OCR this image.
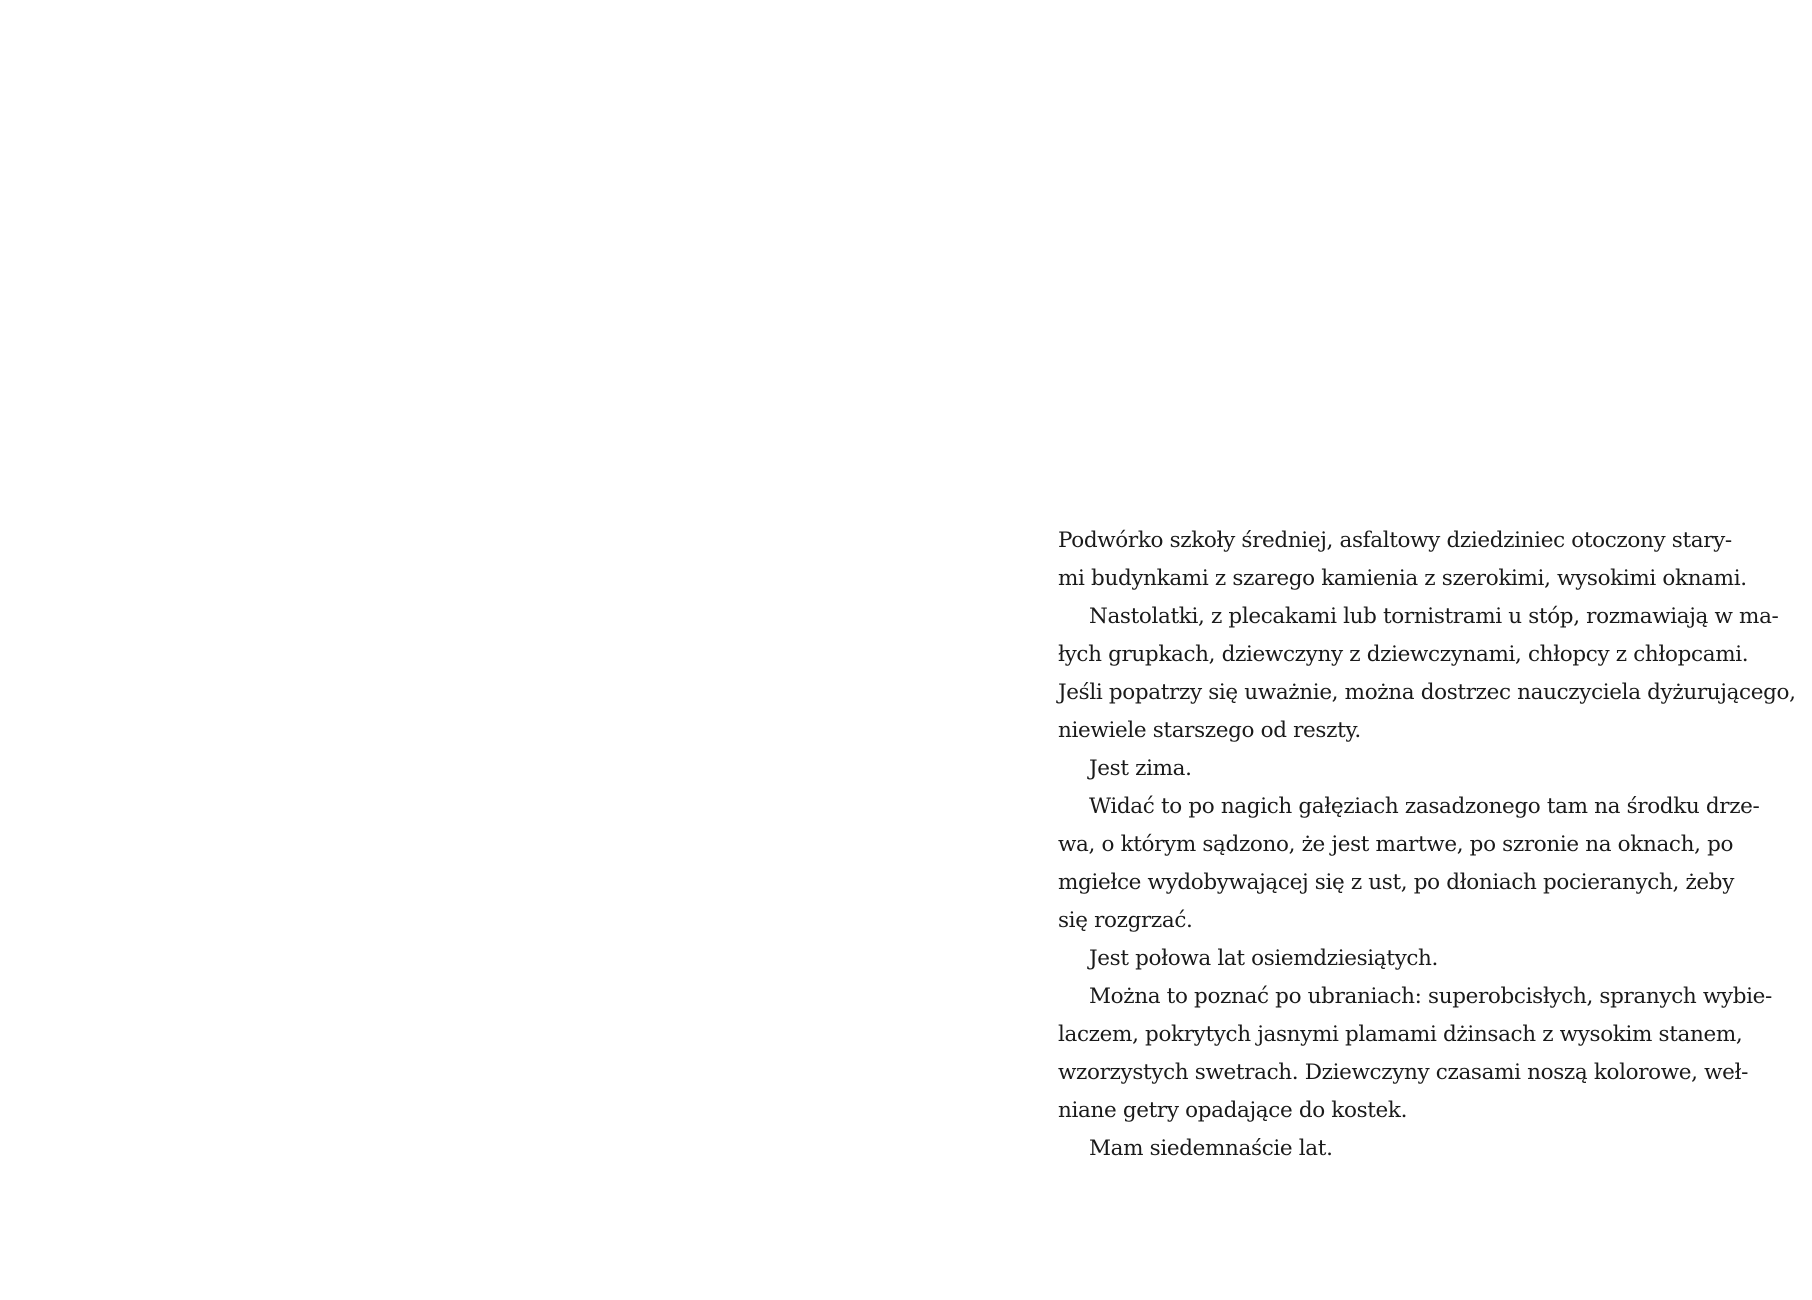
Podwórko szkoły średniej, asfaltowy dziedziniec otoczony stary-
mi budynkami z szarego kamienia z szerokimi, wysokimi oknami.
Nastolatki, z plecakami lub tornistrami u stóp, rozmawiają w ma-
łych grupkach, dziewczyny z dziewczynami, chłopcy z chłopcami.
Jeśli popatrzy się uważnie, można dostrzec nauczyciela dyżurującego,
niewiele starszego od reszty.
Jest zima.
Widać to po nagich gałęziach zasadzonego tam na środku drze-
wa, o którym sądzono, że jest martwe, po szronie na oknach, po
mgiełce wydobywającej się z ust, po dłoniach pocieranych, żeby
się rozgrzać.
Jest połowa lat osiemdziesiątych.
Można to poznać po ubraniach: superobcisłych, spranych wybie-
laczem, pokrytych jasnymi plamami dżinsach z wysokim stanem,
wzorzystych swetrach. Dziewczyny czasami noszą kolorowe, weł-
niane getry opadające do kostek.
Mam siedemnaście lat.
